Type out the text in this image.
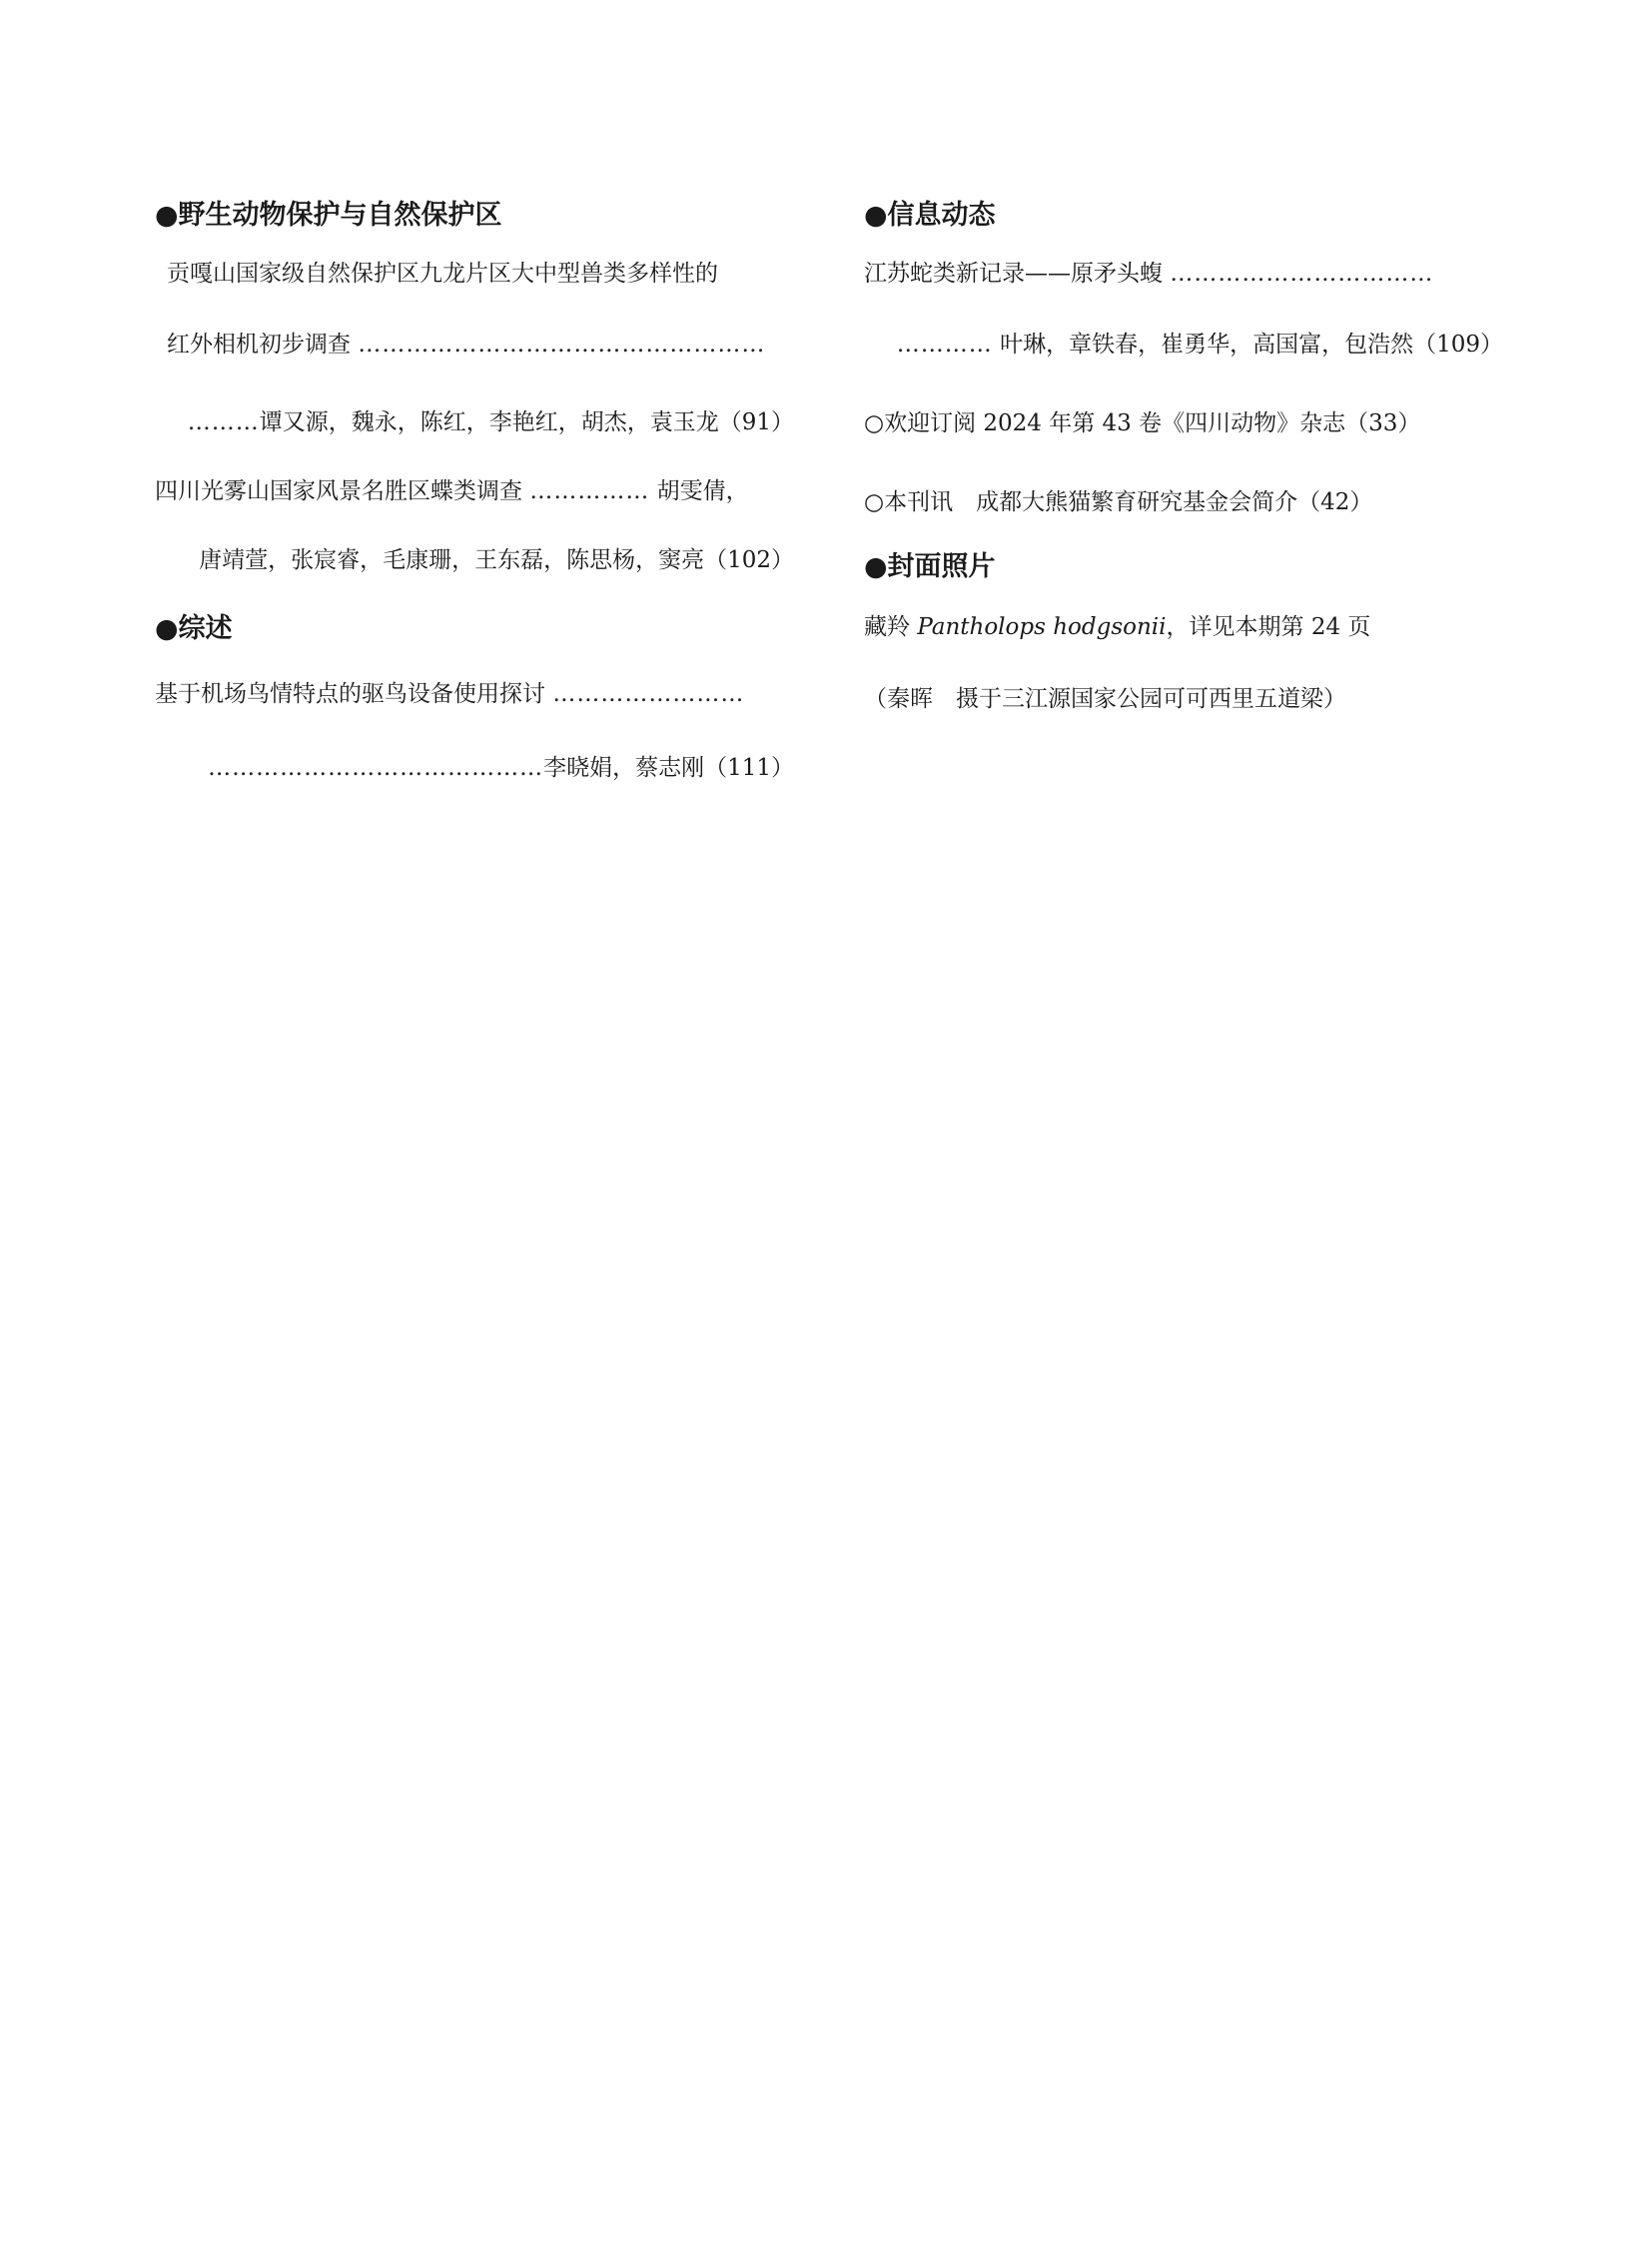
●野生动物保护与自然保护区
贡嘎山国家级自然保护区九龙片区大中型兽类多样性的
红外相机初步调查 ……………………………………………
………谭又源，魏永，陈红，李艳红，胡杰，袁玉龙（91）
四川光雾山国家风景名胜区蝶类调查 …………… 胡雯倩，
唐靖萱，张宸睿，毛康珊，王东磊，陈思杨，窦亮（102）
●综述
基于机场鸟情特点的驱鸟设备使用探讨 ……………………
……………………………………李晓娟，蔡志刚（111）
●信息动态
江苏蛇类新记录——原矛头蝮 ……………………………
………… 叶琳，章铁春，崔勇华，高国富，包浩然（109）
○欢迎订阅 2024 年第 43 卷《四川动物》杂志（33）
○本刊讯　成都大熊猫繁育研究基金会简介（42）
●封面照片
藏羚 Pantholops hodgsonii，详见本期第 24 页
（秦晖　摄于三江源国家公园可可西里五道梁）
